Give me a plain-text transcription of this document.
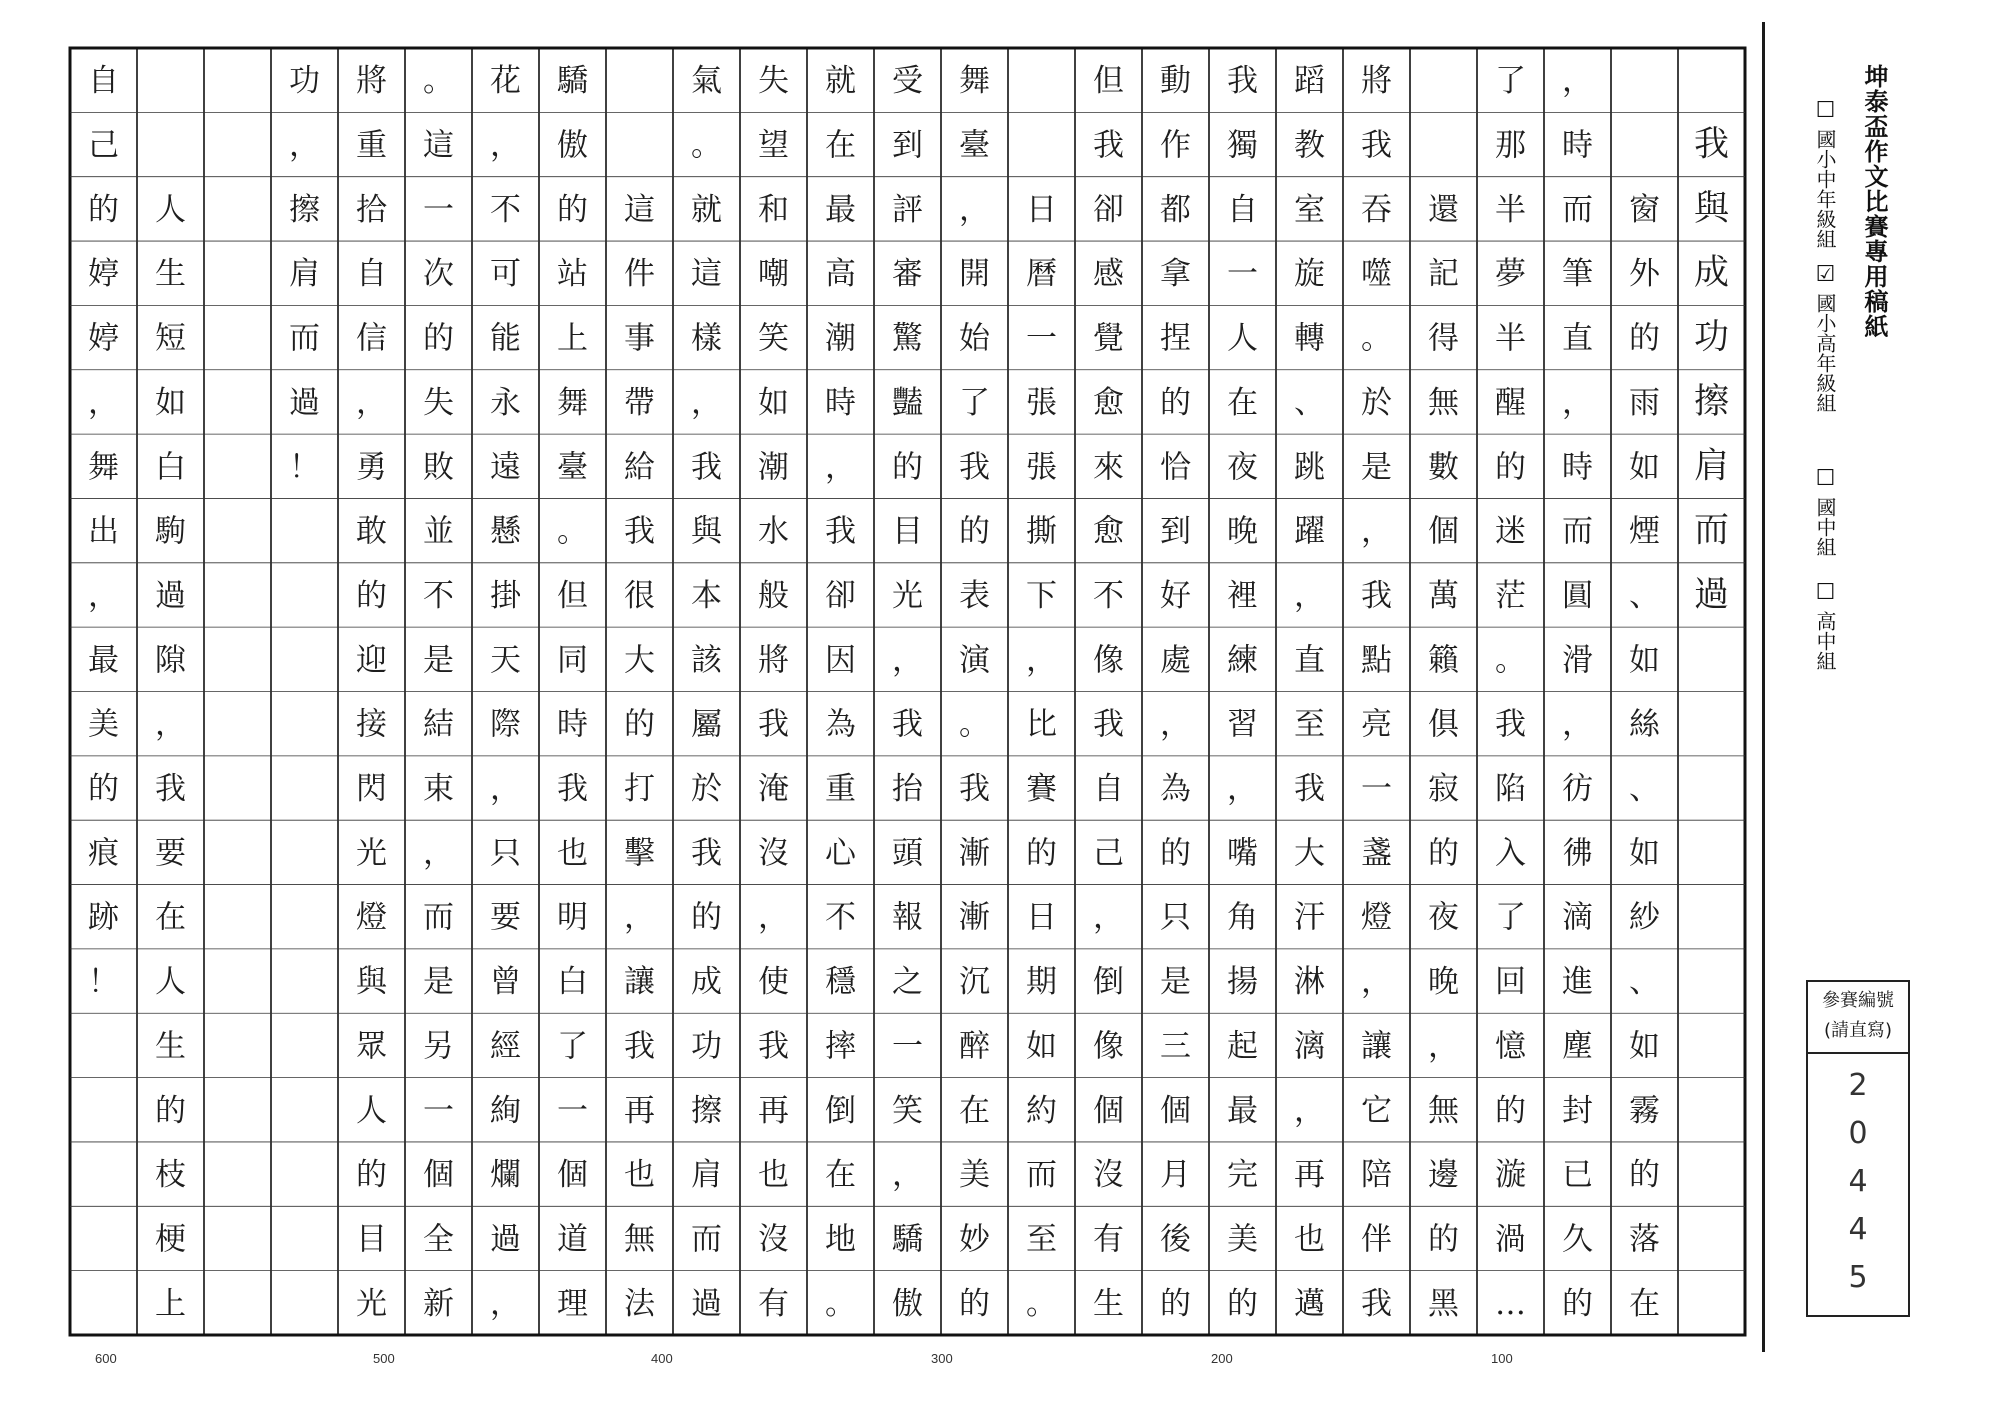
我
與
成
功
擦
肩
而
過
窗
外
的
雨
如
煙
、
如
絲
、
如
紗
、
如
霧
的
落
在
，
時
而
筆
直
，
時
而
圓
滑
，
彷
彿
滴
進
塵
封
已
久
的
了
那
半
夢
半
醒
的
迷
茫
。
我
陷
入
了
回
憶
的
漩
渦
…
還
記
得
無
數
個
萬
籟
俱
寂
的
夜
晚
，
無
邊
的
黑
將
我
吞
噬
。
於
是
，
我
點
亮
一
盞
燈
，
讓
它
陪
伴
我
蹈
教
室
旋
轉
、
跳
躍
，
直
至
我
大
汗
淋
漓
，
再
也
邁
我
獨
自
一
人
在
夜
晚
裡
練
習
，
嘴
角
揚
起
最
完
美
的
動
作
都
拿
捏
的
恰
到
好
處
，
為
的
只
是
三
個
月
後
的
但
我
卻
感
覺
愈
來
愈
不
像
我
自
己
，
倒
像
個
沒
有
生
日
曆
一
張
張
撕
下
，
比
賽
的
日
期
如
約
而
至
。
舞
臺
，
開
始
了
我
的
表
演
。
我
漸
漸
沉
醉
在
美
妙
的
受
到
評
審
驚
豔
的
目
光
，
我
抬
頭
報
之
一
笑
，
驕
傲
就
在
最
高
潮
時
，
我
卻
因
為
重
心
不
穩
摔
倒
在
地
。
失
望
和
嘲
笑
如
潮
水
般
將
我
淹
沒
，
使
我
再
也
沒
有
氣
。
就
這
樣
，
我
與
本
該
屬
於
我
的
成
功
擦
肩
而
過
這
件
事
帶
給
我
很
大
的
打
擊
，
讓
我
再
也
無
法
驕
傲
的
站
上
舞
臺
。
但
同
時
我
也
明
白
了
一
個
道
理
花
，
不
可
能
永
遠
懸
掛
天
際
，
只
要
曾
經
絢
爛
過
，
。
這
一
次
的
失
敗
並
不
是
結
束
，
而
是
另
一
個
全
新
將
重
拾
自
信
，
勇
敢
的
迎
接
閃
光
燈
與
眾
人
的
目
光
功
，
擦
肩
而
過
！
人
生
短
如
白
駒
過
隙
，
我
要
在
人
生
的
枝
梗
上
自
己
的
婷
婷
，
舞
出
，
最
美
的
痕
跡
！
600	500	400	300	200	100
坤泰盃作文比賽專用稿紙
☐國小中年級組
☑國小高年級組
☐國中組
☐高中組
參賽編號
(請直寫)
2
0
4
4
5
